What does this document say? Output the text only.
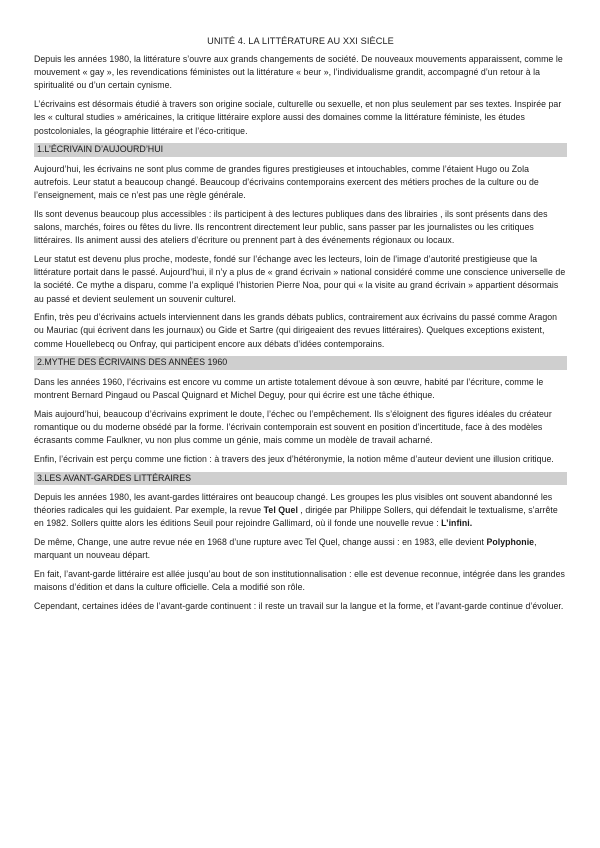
UNITÉ 4. LA LITTÉRATURE AU XXI SIÈCLE

Depuis les années 1980, la littérature s’ouvre aux grands changements de société. De nouveaux mouvements apparaissent, comme le mouvement « gay », les revendications féministes out la littérature « beur », l’individualisme grandit, accompagné d’un retour à la spiritualité ou d’un certain cynisme.

L’écrivains est désormais étudié à travers son origine sociale, culturelle ou sexuelle, et non plus seulement par ses textes. Inspirée par les « cultural studies » américaines, la critique littéraire explore aussi des domaines comme la littérature féministe, les études postcoloniales, la géographie littéraire et l’éco-critique.

1.L’ÉCRIVAIN D’AUJOURD’HUI

Aujourd’hui, les écrivains ne sont plus comme de grandes figures prestigieuses et intouchables, comme l’étaient Hugo ou Zola autrefois. Leur statut a beaucoup changé. Beaucoup d’écrivains contemporains exercent des métiers proches de la culture ou de l’enseignement, mais ce n’est pas une règle générale.

Ils sont devenus beaucoup plus accessibles : ils participent à des lectures publiques dans des librairies , ils sont présents dans des salons, marchés, foires ou fêtes du livre. Ils rencontrent directement leur public, sans passer par les journalistes ou les critiques littéraires. Ils animent aussi des ateliers d’écriture ou prennent part à des événements régionaux ou locaux.

Leur statut est devenu plus proche, modeste, fondé sur l’échange avec les lecteurs, loin de l’image d’autorité prestigieuse que la littérature portait dans le passé. Aujourd’hui, il n’y a plus de « grand écrivain » national considéré comme une conscience universelle de la société. Ce mythe a disparu, comme l’a expliqué l’historien Pierre Noa, pour qui « la visite au grand écrivain » appartient désormais au passé et devient seulement un souvenir culturel.

Enfin, très peu d’écrivains actuels interviennent dans les grands débats publics, contrairement aux écrivains du passé comme Aragon ou Mauriac (qui écrivent dans les journaux) ou Gide et Sartre (qui dirigeaient des revues littéraires). Quelques exceptions existent, comme Houellebecq ou Onfray, qui participent encore aux débats d’idées contemporains.

2.MYTHE DES ÉCRIVAINS DES ANNÉES 1960

Dans les années 1960, l’écrivains est encore vu comme un artiste totalement dévoue à son œuvre, habité par l’écriture, comme le montrent Bernard Pingaud ou Pascal Quignard et Michel Deguy, pour qui écrire est une tâche éthique.

Mais aujourd’hui, beaucoup d’écrivains expriment le doute, l’échec ou l’empêchement. Ils s’éloignent des figures idéales du créateur romantique ou du moderne obsédé par la forme. l’écrivain contemporain est souvent en position d’incertitude, face à des modèles écrasants comme Faulkner, vu non plus comme un génie, mais comme un modèle de travail acharné.

Enfin, l’écrivain est perçu comme une fiction : à travers des jeux d’hétéronymie, la notion même d’auteur devient une illusion critique.

3.LES AVANT-GARDES LITTÉRAIRES

Depuis les années 1980, les avant-gardes littéraires ont beaucoup changé. Les groupes les plus visibles ont souvent abandonné les théories radicales qui les guidaient. Par exemple, la revue Tel Quel , dirigée par Philippe Sollers, qui défendait le textualisme, s’arrête en 1982. Sollers quitte alors les éditions Seuil pour rejoindre Gallimard, où il fonde une nouvelle revue : L’infini.

De même, Change, une autre revue née en 1968 d’une rupture avec Tel Quel, change aussi : en 1983, elle devient Polyphonie, marquant un nouveau départ.

En fait, l’avant-garde littéraire est allée jusqu’au bout de son institutionnalisation : elle est devenue reconnue, intégrée dans les grandes maisons d’édition et dans la culture officielle. Cela a modifié son rôle.

Cependant, certaines idées de l’avant-garde continuent : il reste un travail sur la langue et la forme, et l’avant-garde continue d’évoluer.
